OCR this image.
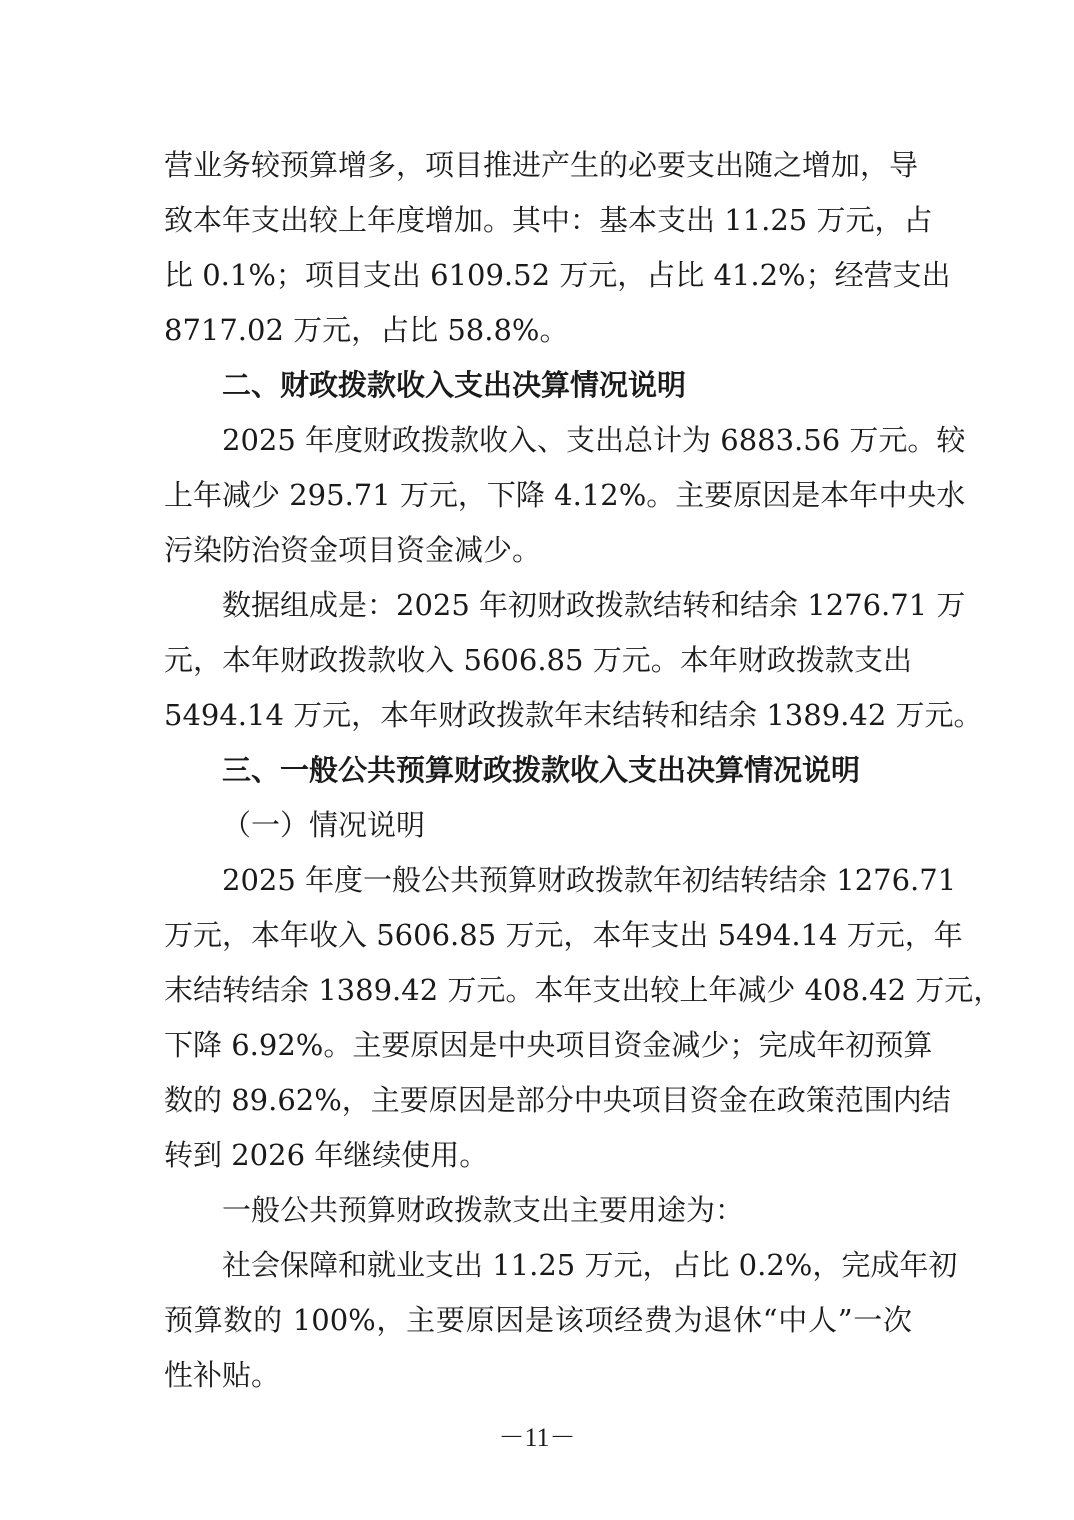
营业务较预算增多，项目推进产生的必要支出随之增加，导
致本年支出较上年度增加。其中：基本支出 11.25 万元，占
比 0.1%；项目支出 6109.52 万元，占比 41.2%；经营支出
8717.02 万元，占比 58.8%。
二、财政拨款收入支出决算情况说明
2025 年度财政拨款收入、支出总计为 6883.56 万元。较
上年减少 295.71 万元，下降 4.12%。主要原因是本年中央水
污染防治资金项目资金减少。
数据组成是：2025 年初财政拨款结转和结余 1276.71 万
元，本年财政拨款收入 5606.85 万元。本年财政拨款支出
5494.14 万元，本年财政拨款年末结转和结余 1389.42 万元。
三、一般公共预算财政拨款收入支出决算情况说明
（一）情况说明
2025 年度一般公共预算财政拨款年初结转结余 1276.71
万元，本年收入 5606.85 万元，本年支出 5494.14 万元，年
末结转结余 1389.42 万元。本年支出较上年减少 408.42 万元，
下降 6.92%。主要原因是中央项目资金减少；完成年初预算
数的 89.62%，主要原因是部分中央项目资金在政策范围内结
转到 2026 年继续使用。
一般公共预算财政拨款支出主要用途为：
社会保障和就业支出 11.25 万元，占比 0.2%，完成年初
预算数的 100%，主要原因是该项经费为退休“中人”一次
性补贴。
－11－
